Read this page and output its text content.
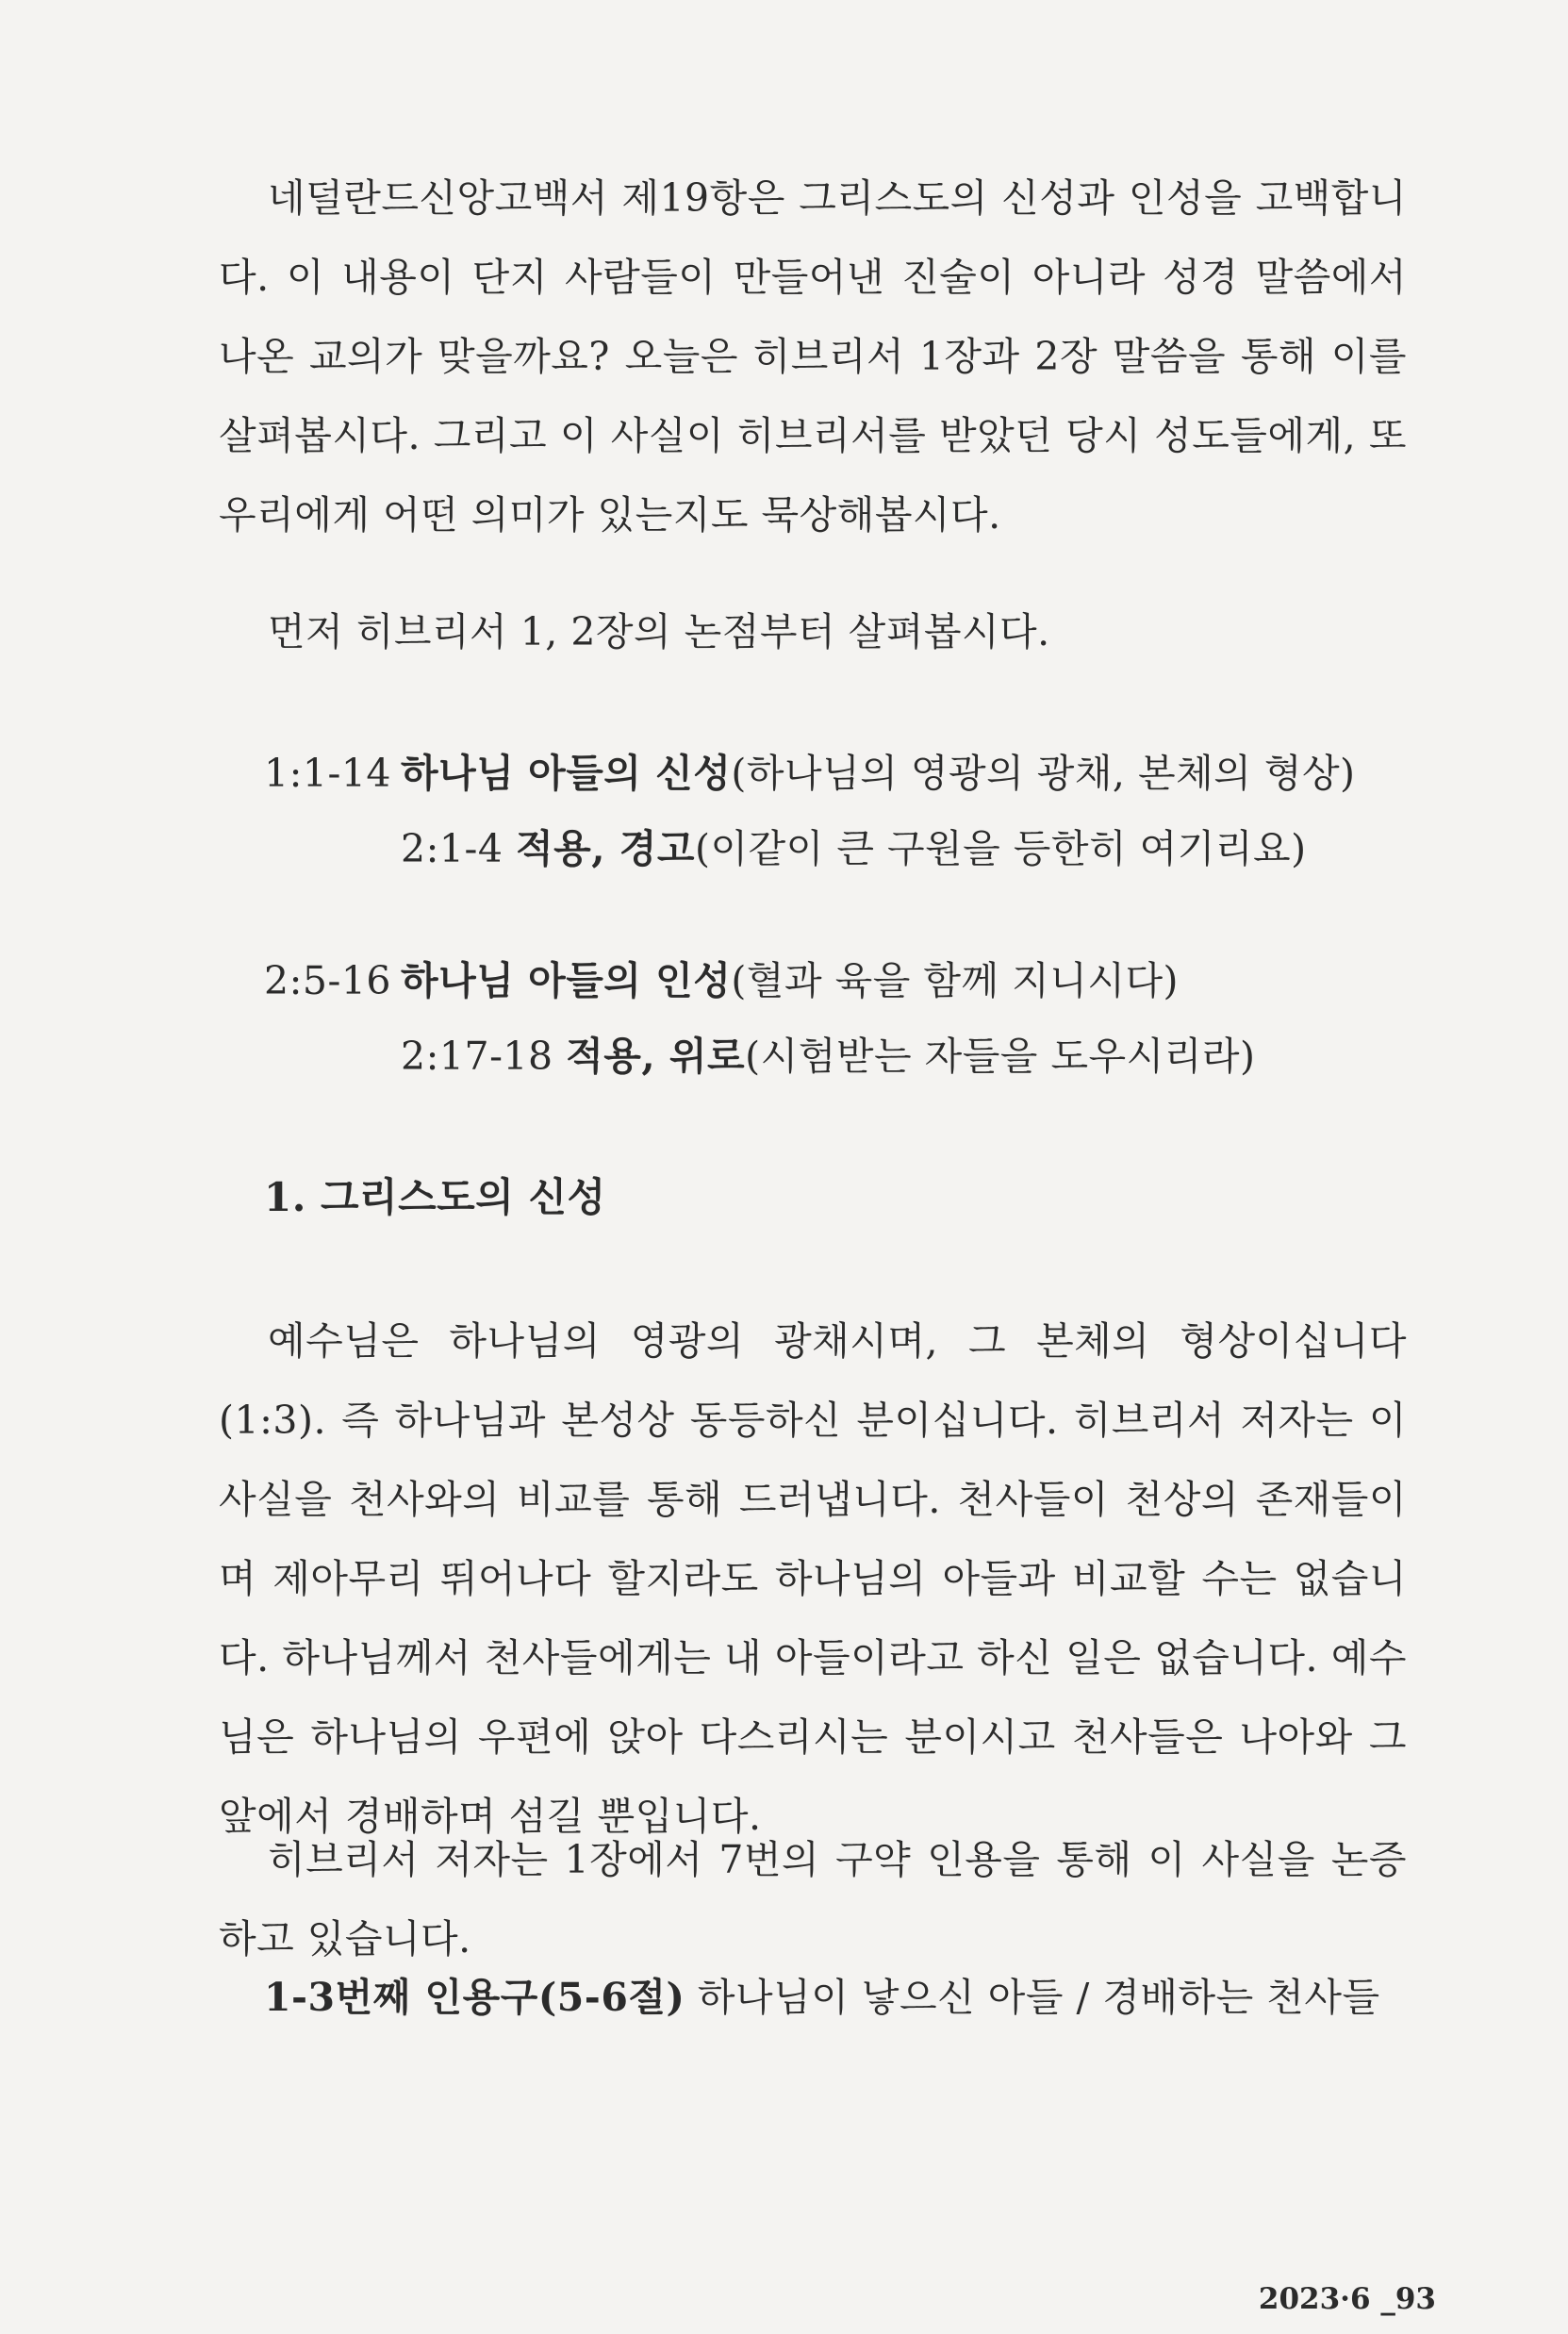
네덜란드신앙고백서 제19항은 그리스도의 신성과 인성을 고백합니다. 이 내용이 단지 사람들이 만들어낸 진술이 아니라 성경 말씀에서 나온 교의가 맞을까요? 오늘은 히브리서 1장과 2장 말씀을 통해 이를 살펴봅시다. 그리고 이 사실이 히브리서를 받았던 당시 성도들에게, 또 우리에게 어떤 의미가 있는지도 묵상해봅시다.

먼저 히브리서 1, 2장의 논점부터 살펴봅시다.

1:1-14 하나님 아들의 신성(하나님의 영광의 광채, 본체의 형상)
2:1-4 적용, 경고(이같이 큰 구원을 등한히 여기리요)
2:5-16 하나님 아들의 인성(혈과 육을 함께 지니시다)
2:17-18 적용, 위로(시험받는 자들을 도우시리라)
1. 그리스도의 신성

예수님은 하나님의 영광의 광채시며, 그 본체의 형상이십니다(1:3). 즉 하나님과 본성상 동등하신 분이십니다. 히브리서 저자는 이 사실을 천사와의 비교를 통해 드러냅니다. 천사들이 천상의 존재들이며 제아무리 뛰어나다 할지라도 하나님의 아들과 비교할 수는 없습니다. 하나님께서 천사들에게는 내 아들이라고 하신 일은 없습니다. 예수님은 하나님의 우편에 앉아 다스리시는 분이시고 천사들은 나아와 그 앞에서 경배하며 섬길 뿐입니다.

히브리서 저자는 1장에서 7번의 구약 인용을 통해 이 사실을 논증하고 있습니다.

1-3번째 인용구(5-6절) 하나님이 낳으신 아들 / 경배하는 천사들
2023·6 _93
